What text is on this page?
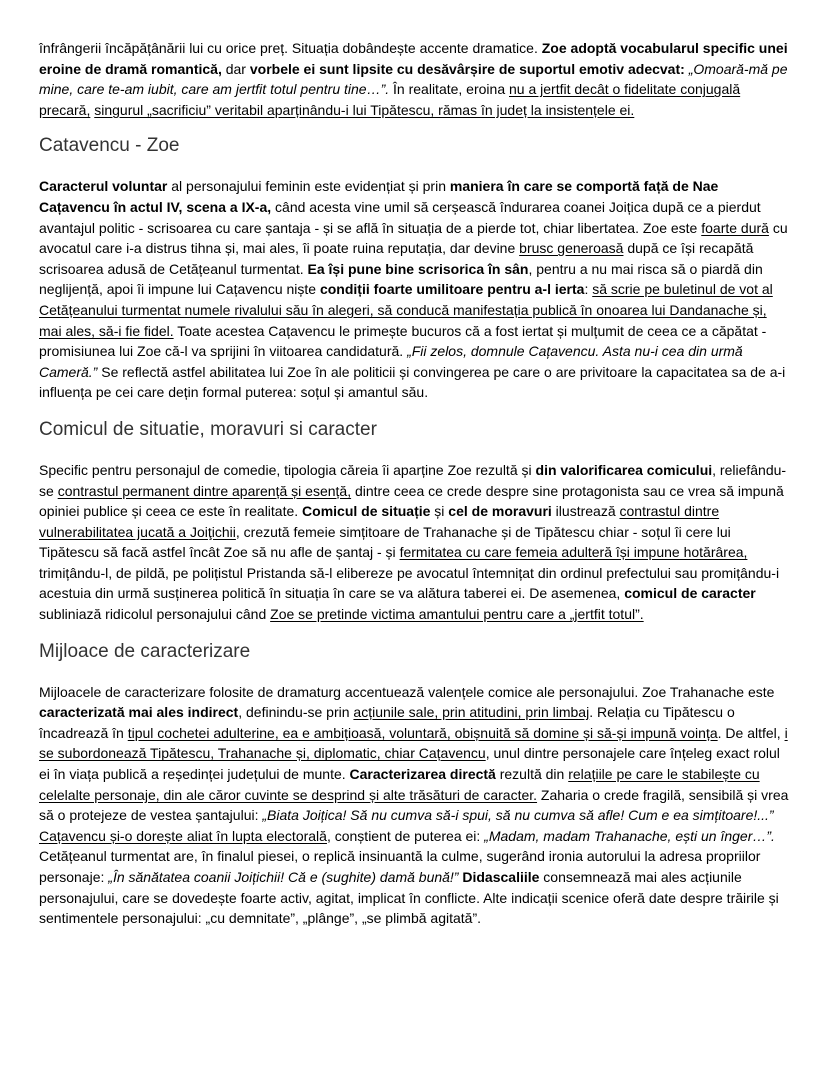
înfrângerii încăpățânării lui cu orice preț. Situația dobândește accente dramatice. Zoe adoptă vocabularul specific unei eroine de dramă romantică, dar vorbele ei sunt lipsite cu desăvârșire de suportul emotiv adecvat: „Omoară-mă pe mine, care te-am iubit, care am jertfit totul pentru tine…”. În realitate, eroina nu a jertfit decât o fidelitate conjugală precară, singurul „sacrificiu” veritabil aparținându-i lui Tipătescu, rămas în județ la insistențele ei.

Catavencu - Zoe

Caracterul voluntar al personajului feminin este evidențiat și prin maniera în care se comportă față de Nae Cațavencu în actul IV, scena a IX-a, când acesta vine umil să cerșească îndurarea coanei Joițica după ce a pierdut avantajul politic - scrisoarea cu care șantaja - și se află în situația de a pierde tot, chiar libertatea. Zoe este foarte dură cu avocatul care i-a distrus tihna și, mai ales, îi poate ruina reputația, dar devine brusc generoasă după ce își recapătă scrisoarea adusă de Cetățeanul turmentat. Ea își pune bine scrisorica în sân, pentru a nu mai risca să o piardă din neglijență, apoi îi impune lui Cațavencu niște condiții foarte umilitoare pentru a-l ierta: să scrie pe buletinul de vot al Cetățeanului turmentat numele rivalului său în alegeri, să conducă manifestația publică în onoarea lui Dandanache și, mai ales, să-i fie fidel. Toate acestea Cațavencu le primește bucuros că a fost iertat și mulțumit de ceea ce a căpătat - promisiunea lui Zoe că-l va sprijini în viitoarea candidatură. „Fii zelos, domnule Cațavencu. Asta nu-i cea din urmă Cameră.” Se reflectă astfel abilitatea lui Zoe în ale politicii și convingerea pe care o are privitoare la capacitatea sa de a-i influența pe cei care dețin formal puterea: soțul și amantul său.

Comicul de situatie, moravuri si caracter

Specific pentru personajul de comedie, tipologia căreia îi aparține Zoe rezultă și din valorificarea comicului, reliefându-se contrastul permanent dintre aparență și esență, dintre ceea ce crede despre sine protagonista sau ce vrea să impună opiniei publice și ceea ce este în realitate. Comicul de situație și cel de moravuri ilustrează contrastul dintre vulnerabilitatea jucată a Joiţichii, crezută femeie simțitoare de Trahanache și de Tipătescu chiar - soțul îi cere lui Tipătescu să facă astfel încât Zoe să nu afle de șantaj - și fermitatea cu care femeia adulteră își impune hotărârea, trimițându-l, de pildă, pe polițistul Pristanda să-l elibereze pe avocatul întemnițat din ordinul prefectului sau promițându-i acestuia din urmă susținerea politică în situația în care se va alătura taberei ei. De asemenea, comicul de caracter subliniază ridicolul personajului când Zoe se pretinde victima amantului pentru care a „jertfit totul”.

Mijloace de caracterizare

Mijloacele de caracterizare folosite de dramaturg accentuează valențele comice ale personajului. Zoe Trahanache este caracterizată mai ales indirect, definindu-se prin acțiunile sale, prin atitudini, prin limbaj. Relația cu Tipătescu o încadrează în tipul cochetei adulterine, ea e ambițioasă, voluntară, obișnuită să domine și să-și impună voința. De altfel, i se subordonează Tipătescu, Trahanache și, diplomatic, chiar Cațavencu, unul dintre personajele care înțeleg exact rolul ei în viața publică a reședinței județului de munte. Caracterizarea directă rezultă din relațiile pe care le stabilește cu celelalte personaje, din ale căror cuvinte se desprind și alte trăsături de caracter. Zaharia o crede fragilă, sensibilă și vrea să o protejeze de vestea șantajului: „Biata Joițica! Să nu cumva să-i spui, să nu cumva să afle! Cum e ea simțitoare!...” Cațavencu și-o dorește aliat în lupta electorală, conștient de puterea ei: „Madam, madam Trahanache, ești un înger…”. Cetățeanul turmentat are, în finalul piesei, o replică insinuantă la culme, sugerând ironia autorului la adresa propriilor personaje: „În sănătatea coanii Joițichii! Că e (sughite) damă bună!” Didascaliile consemnează mai ales acțiunile personajului, care se dovedește foarte activ, agitat, implicat în conflicte. Alte indicații scenice oferă date despre trăirile și sentimentele personajului: „cu demnitate”, „plânge”, „se plimbă agitată”.
